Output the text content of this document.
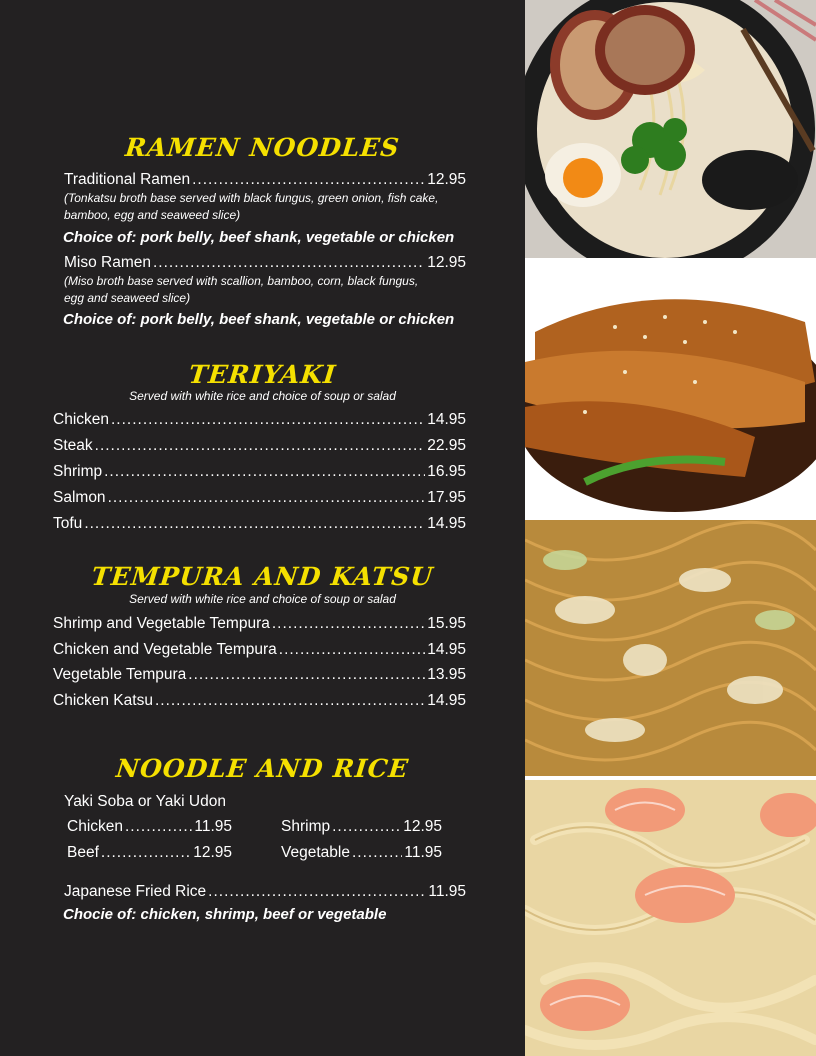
RAMEN NOODLES
Traditional Ramen .....	12.95
(Tonkatsu broth base served with black fungus, green onion, fish cake, bamboo, egg and seaweed slice)
Choice of: pork belly, beef shank, vegetable or chicken
Miso Ramen .....	12.95
(Miso broth base served with scallion, bamboo, corn, black fungus, egg and seaweed slice)
Choice of: pork belly, beef shank, vegetable or chicken
TERIYAKI
Served with white rice and choice of soup or salad
Chicken .....	14.95
Steak .....	22.95
Shrimp .....	16.95
Salmon .....	17.95
Tofu .....	14.95
TEMPURA AND KATSU
Served with white rice and choice of soup or salad
Shrimp and Vegetable Tempura .....	15.95
Chicken and Vegetable Tempura .....	14.95
Vegetable Tempura .....	13.95
Chicken Katsu .....	14.95
NOODLE AND RICE
Yaki Soba or Yaki Udon
Chicken .....	11.95	Shrimp .....	12.95
Beef .....	12.95	Vegetable .....	11.95
Japanese Fried Rice .....	11.95
Chocie of: chicken, shrimp, beef or vegetable
